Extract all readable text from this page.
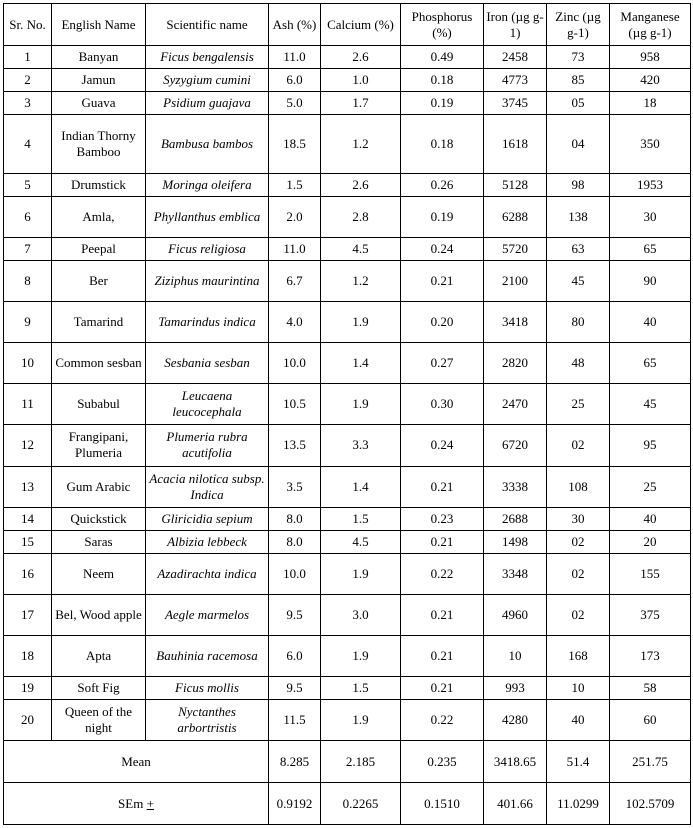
Sr. No.	English Name	Scientific name	Ash (%)	Calcium (%)	Phosphorus (%)	Iron (µg g-1)	Zinc (µg g-1)	Manganese (µg g-1)
1	Banyan	Ficus bengalensis	11.0	2.6	0.49	2458	73	958
2	Jamun	Syzygium cumini	6.0	1.0	0.18	4773	85	420
3	Guava	Psidium guajava	5.0	1.7	0.19	3745	05	18
4	Indian Thorny Bamboo	Bambusa bambos	18.5	1.2	0.18	1618	04	350
5	Drumstick	Moringa oleifera	1.5	2.6	0.26	5128	98	1953
6	Amla,	Phyllanthus emblica	2.0	2.8	0.19	6288	138	30
7	Peepal	Ficus religiosa	11.0	4.5	0.24	5720	63	65
8	Ber	Ziziphus maurintina	6.7	1.2	0.21	2100	45	90
9	Tamarind	Tamarindus indica	4.0	1.9	0.20	3418	80	40
10	Common sesban	Sesbania sesban	10.0	1.4	0.27	2820	48	65
11	Subabul	Leucaena leucocephala	10.5	1.9	0.30	2470	25	45
12	Frangipani, Plumeria	Plumeria rubra acutifolia	13.5	3.3	0.24	6720	02	95
13	Gum Arabic	Acacia nilotica subsp. Indica	3.5	1.4	0.21	3338	108	25
14	Quickstick	Gliricidia sepium	8.0	1.5	0.23	2688	30	40
15	Saras	Albizia lebbeck	8.0	4.5	0.21	1498	02	20
16	Neem	Azadirachta indica	10.0	1.9	0.22	3348	02	155
17	Bel, Wood apple	Aegle marmelos	9.5	3.0	0.21	4960	02	375
18	Apta	Bauhinia racemosa	6.0	1.9	0.21	10	168	173
19	Soft Fig	Ficus mollis	9.5	1.5	0.21	993	10	58
20	Queen of the night	Nyctanthes arbortristis	11.5	1.9	0.22	4280	40	60
Mean			8.285	2.185	0.235	3418.65	51.4	251.75
SEm +			0.9192	0.2265	0.1510	401.66	11.0299	102.5709
